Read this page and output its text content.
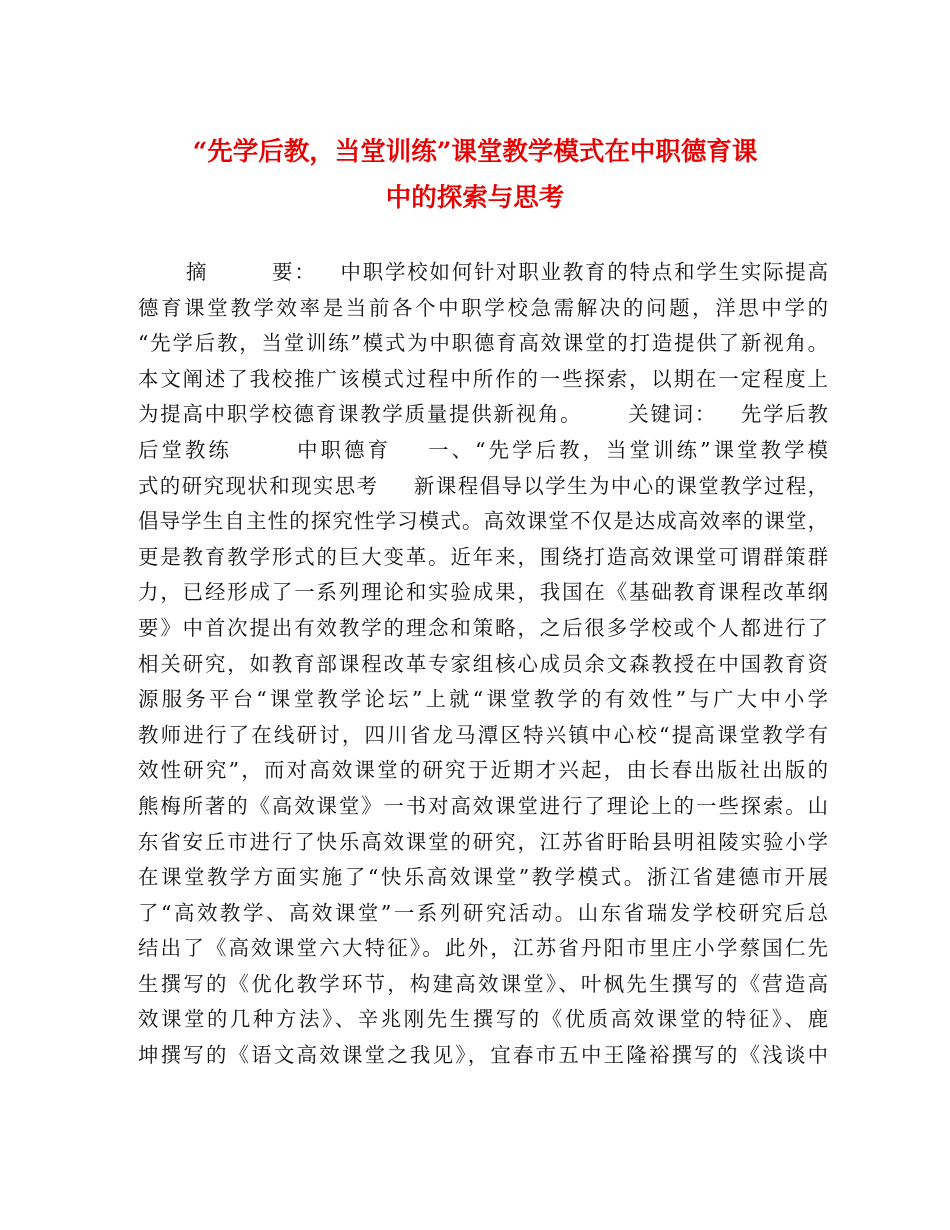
“先学后教，当堂训练”课堂教学模式在中职德育课
中的探索与思考
摘	要： 中职学校如何针对职业教育的特点和学生实际提高
德育课堂教学效率是当前各个中职学校急需解决的问题，洋思中学的
“先学后教，当堂训练”模式为中职德育高效课堂的打造提供了新视角。
本文阐述了我校推广该模式过程中所作的一些探索，以期在一定程度上
为提高中职学校德育课教学质量提供新视角。 关键词： 先学后教
后堂教练	中职德育 一、“先学后教，当堂训练”课堂教学模
式的研究现状和现实思考 新课程倡导以学生为中心的课堂教学过程，
倡导学生自主性的探究性学习模式。高效课堂不仅是达成高效率的课堂，
更是教育教学形式的巨大变革。近年来，围绕打造高效课堂可谓群策群
力，已经形成了一系列理论和实验成果，我国在《基础教育课程改革纲
要》中首次提出有效教学的理念和策略，之后很多学校或个人都进行了
相关研究，如教育部课程改革专家组核心成员余文森教授在中国教育资
源服务平台“课堂教学论坛”上就“课堂教学的有效性”与广大中小学
教师进行了在线研讨，四川省龙马潭区特兴镇中心校“提高课堂教学有
效性研究”，而对高效课堂的研究于近期才兴起，由长春出版社出版的
熊梅所著的《高效课堂》一书对高效课堂进行了理论上的一些探索。山
东省安丘市进行了快乐高效课堂的研究，江苏省盱眙县明祖陵实验小学
在课堂教学方面实施了“快乐高效课堂”教学模式。浙江省建德市开展
了“高效教学、高效课堂”一系列研究活动。山东省瑞发学校研究后总
结出了《高效课堂六大特征》。此外，江苏省丹阳市里庄小学蔡国仁先
生撰写的《优化教学环节，构建高效课堂》、叶枫先生撰写的《营造高
效课堂的几种方法》、辛兆刚先生撰写的《优质高效课堂的特征》、鹿
坤撰写的《语文高效课堂之我见》，宜春市五中王隆裕撰写的《浅谈中
